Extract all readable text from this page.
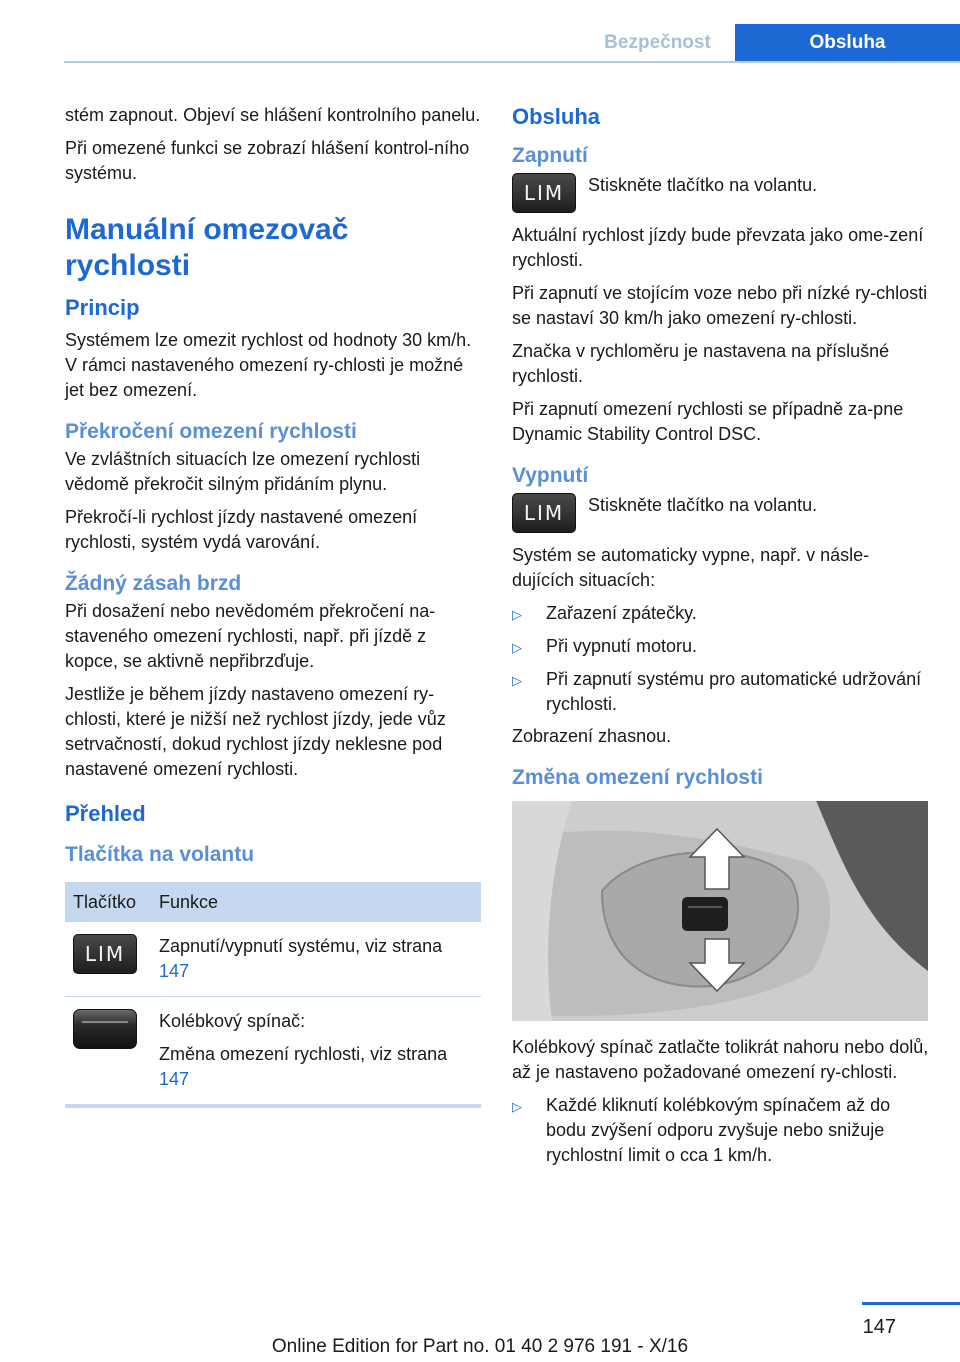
Bezpečnost	Obsluha

stém zapnout. Objeví se hlášení kontrolního panelu.

Při omezené funkci se zobrazí hlášení kontrol-ního systému.

Manuální omezovač rychlosti
Princip

Systémem lze omezit rychlost od hodnoty 30 km/h. V rámci nastaveného omezení ry-chlosti je možné jet bez omezení.

Překročení omezení rychlosti

Ve zvláštních situacích lze omezení rychlosti vědomě překročit silným přidáním plynu.

Překročí-li rychlost jízdy nastavené omezení rychlosti, systém vydá varování.

Žádný zásah brzd

Při dosažení nebo nevědomém překročení na-staveného omezení rychlosti, např. při jízdě z kopce, se aktivně nepřibrzďuje.

Jestliže je během jízdy nastaveno omezení ry-chlosti, které je nižší než rychlost jízdy, jede vůz setrvačností, dokud rychlost jízdy neklesne pod nastavené omezení rychlosti.

Přehled
Tlačítka na volantu
Tlačítko	Funkce
LIM	Zapnutí/vypnutí systému, viz strana 147

	Kolébkový spínač:

Změna omezení rychlosti, viz strana 147
Obsluha
Zapnutí
LIM	Stiskněte tlačítko na volantu.

Aktuální rychlost jízdy bude převzata jako ome-zení rychlosti.

Při zapnutí ve stojícím voze nebo při nízké ry-chlosti se nastaví 30 km/h jako omezení ry-chlosti.

Značka v rychloměru je nastavena na příslušné rychlosti.

Při zapnutí omezení rychlosti se případně za-pne Dynamic Stability Control DSC.

Vypnutí
LIM	Stiskněte tlačítko na volantu.

Systém se automaticky vypne, např. v násle-dujících situacích:

▷	Zařazení zpátečky.
▷	Při vypnutí motoru.
▷	Při zapnutí systému pro automatické udržování rychlosti.

Zobrazení zhasnou.

Změna omezení rychlosti

Kolébkový spínač zatlačte tolikrát nahoru nebo dolů, až je nastaveno požadované omezení ry-chlosti.

▷	Každé kliknutí kolébkovým spínačem až do bodu zvýšení odporu zvyšuje nebo snižuje rychlostní limit o cca 1 km/h.
147
Online Edition for Part no. 01 40 2 976 191 - X/16
